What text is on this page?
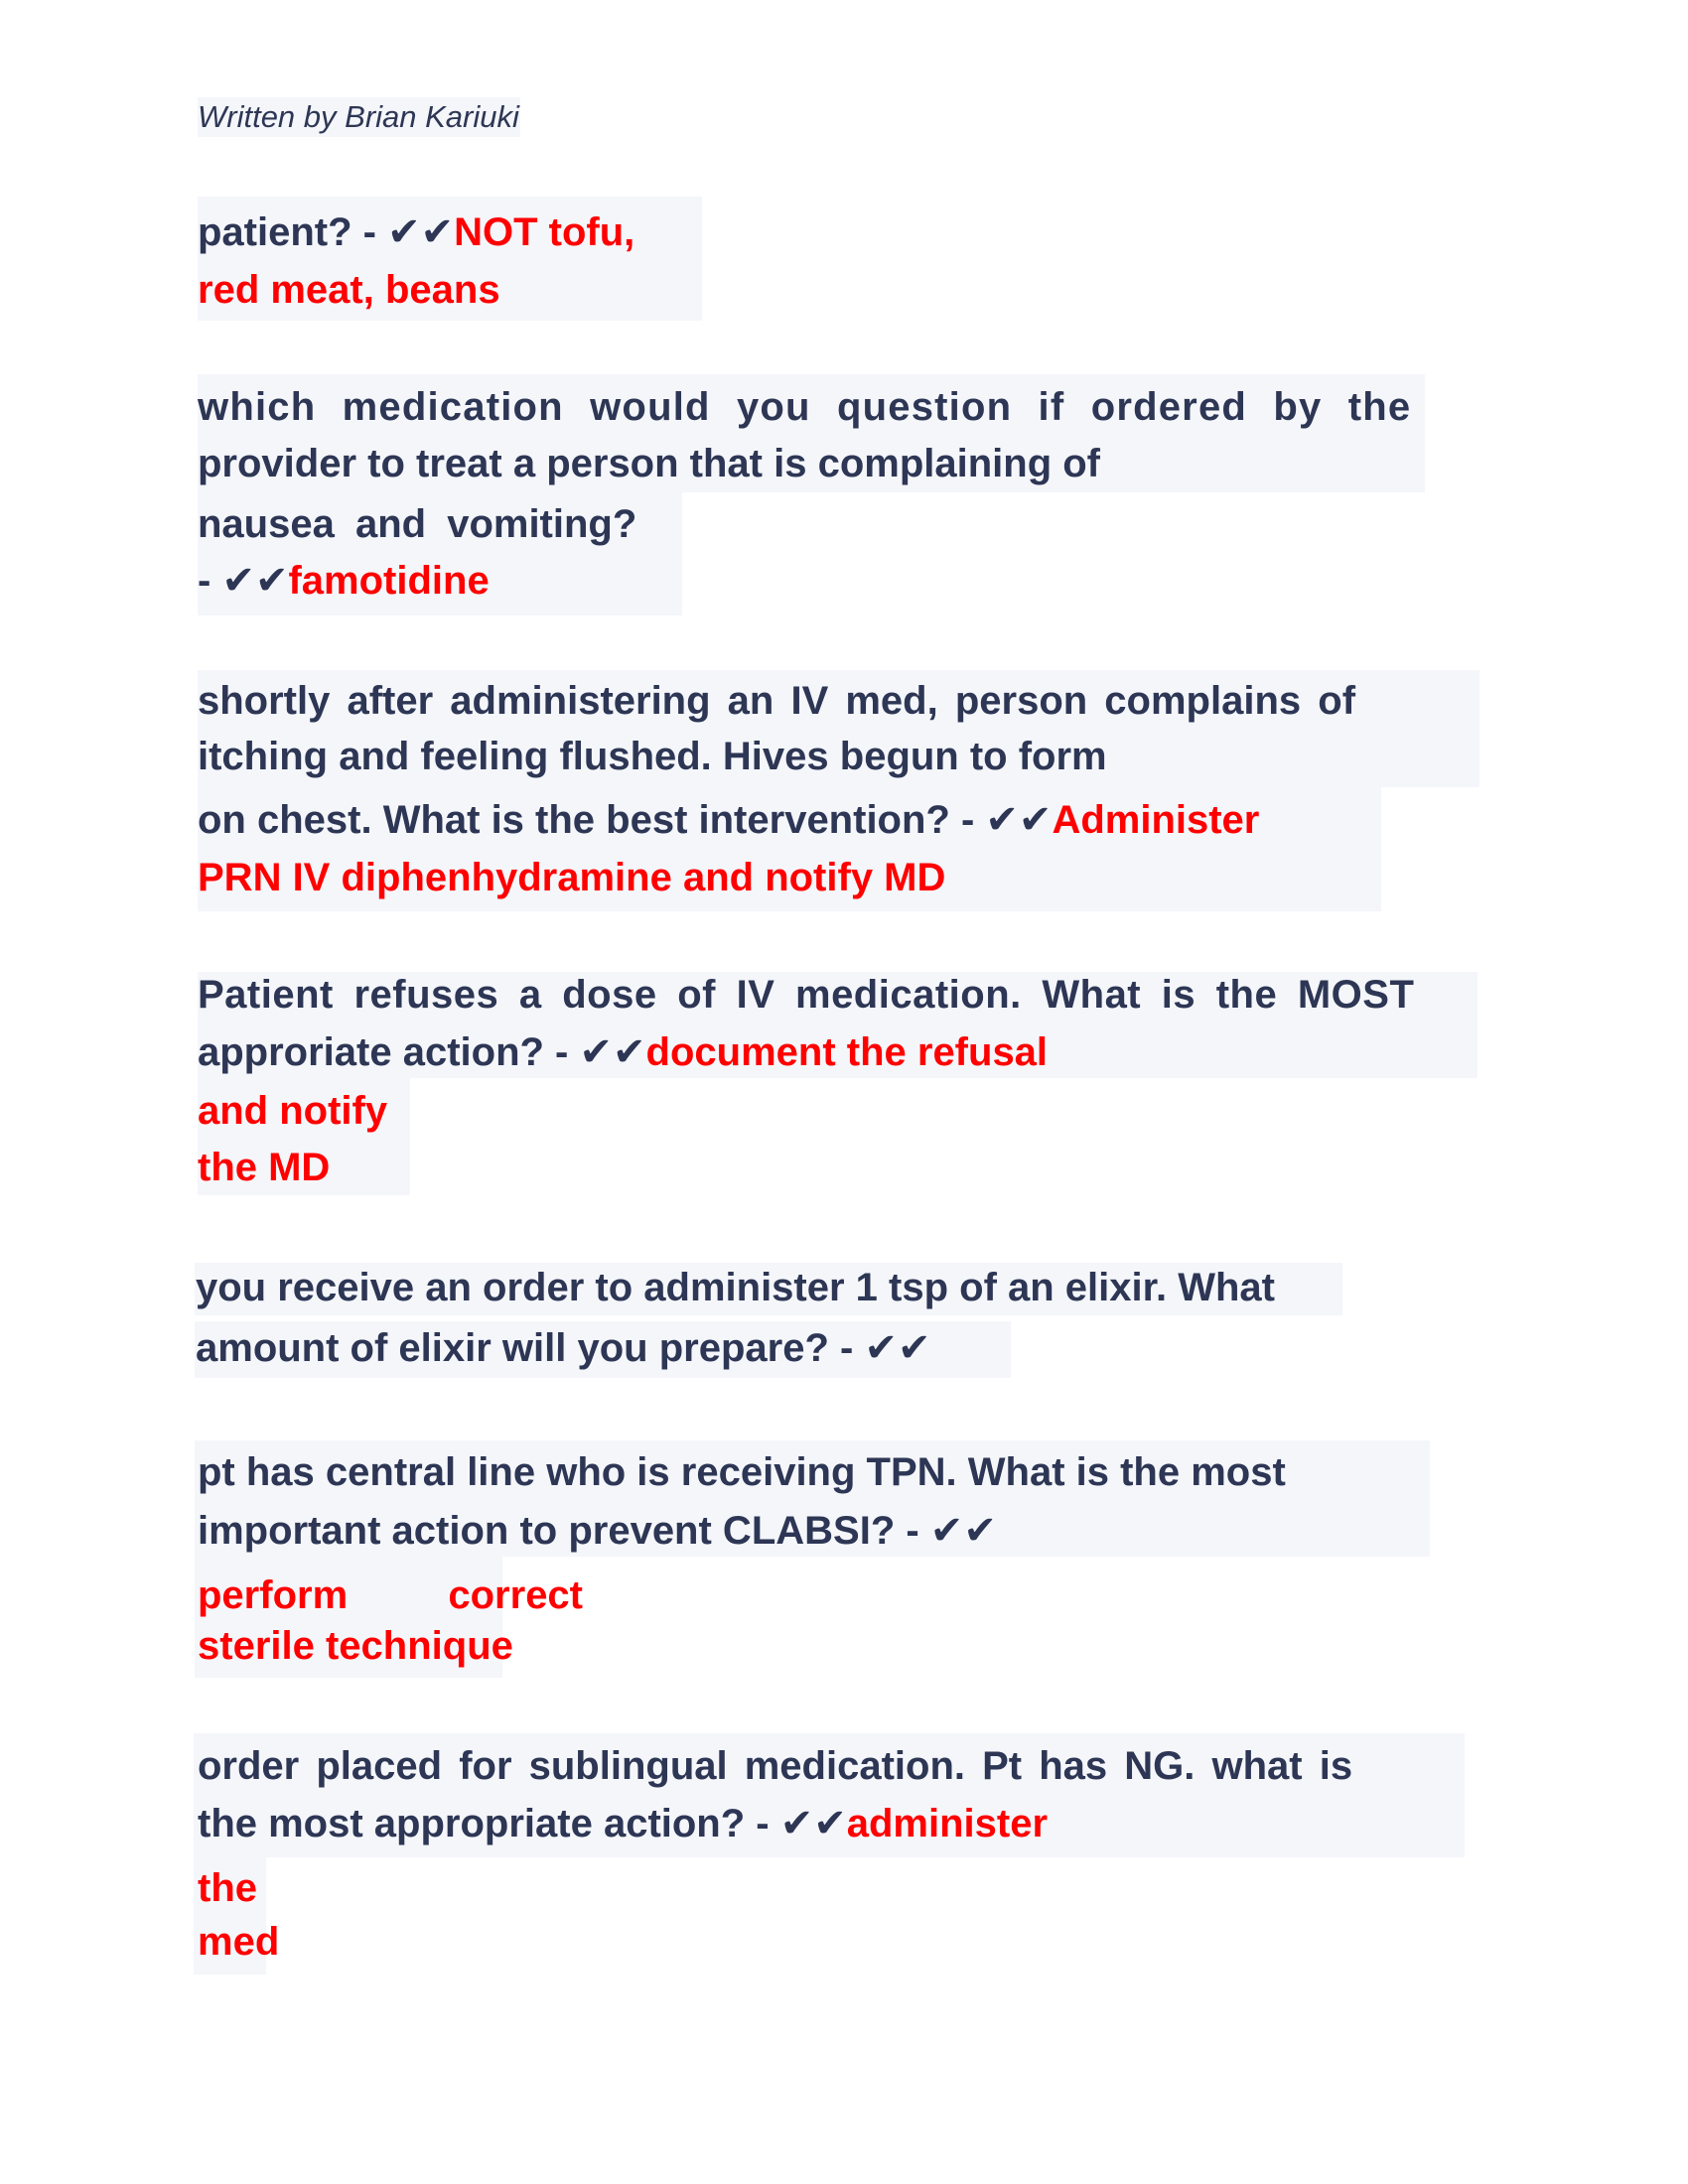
Written by Brian Kariuki
patient? - ✔✔NOT tofu,
red meat, beans
which medication would you question if ordered by the
provider to treat a person that is complaining of
nausea and vomiting?
- ✔✔famotidine
shortly after administering an IV med, person complains of
itching and feeling flushed. Hives begun to form
on chest. What is the best intervention? - ✔✔Administer
PRN IV diphenhydramine and notify MD
Patient refuses a dose of IV medication. What is the MOST
approriate action? - ✔✔document the refusal
and notify
the MD
you receive an order to administer 1 tsp of an elixir. What
amount of elixir will you prepare? - ✔✔
pt has central line who is receiving TPN. What is the most
important action to prevent CLABSI? - ✔✔
perform	correct
sterile technique
order placed for sublingual medication. Pt has NG. what is
the most appropriate action? - ✔✔administer
the
med
